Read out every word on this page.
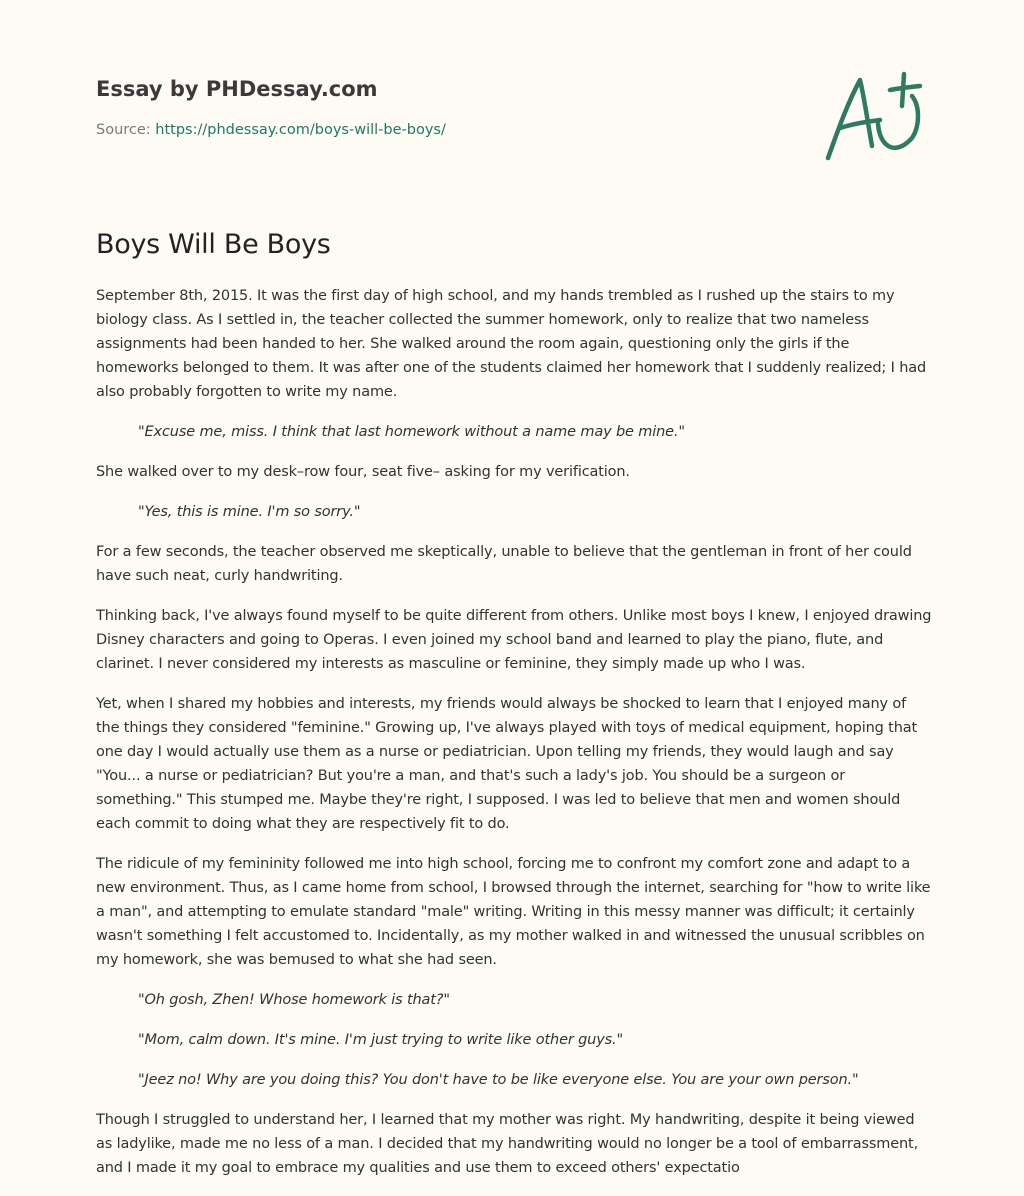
Essay by PHDessay.com
Source: https://phdessay.com/boys-will-be-boys/
Boys Will Be Boys

September 8th, 2015. It was the first day of high school, and my hands trembled as I rushed up the stairs to my biology class. As I settled in, the teacher collected the summer homework, only to realize that two nameless assignments had been handed to her. She walked around the room again, questioning only the girls if the homeworks belonged to them. It was after one of the students claimed her homework that I suddenly realized; I had also probably forgotten to write my name.

"Excuse me, miss. I think that last homework without a name may be mine."

She walked over to my desk–row four, seat five– asking for my verification.

"Yes, this is mine. I'm so sorry."

For a few seconds, the teacher observed me skeptically, unable to believe that the gentleman in front of her could have such neat, curly handwriting.

Thinking back, I've always found myself to be quite different from others. Unlike most boys I knew, I enjoyed drawing Disney characters and going to Operas. I even joined my school band and learned to play the piano, flute, and clarinet. I never considered my interests as masculine or feminine, they simply made up who I was.

Yet, when I shared my hobbies and interests, my friends would always be shocked to learn that I enjoyed many of the things they considered "feminine." Growing up, I've always played with toys of medical equipment, hoping that one day I would actually use them as a nurse or pediatrician. Upon telling my friends, they would laugh and say "You... a nurse or pediatrician? But you're a man, and that's such a lady's job. You should be a surgeon or something." This stumped me. Maybe they're right, I supposed. I was led to believe that men and women should each commit to doing what they are respectively fit to do.

The ridicule of my femininity followed me into high school, forcing me to confront my comfort zone and adapt to a new environment. Thus, as I came home from school, I browsed through the internet, searching for "how to write like a man", and attempting to emulate standard "male" writing. Writing in this messy manner was difficult; it certainly wasn't something I felt accustomed to. Incidentally, as my mother walked in and witnessed the unusual scribbles on my homework, she was bemused to what she had seen.

"Oh gosh, Zhen! Whose homework is that?"

"Mom, calm down. It's mine. I'm just trying to write like other guys."

"Jeez no! Why are you doing this? You don't have to be like everyone else. You are your own person."

Though I struggled to understand her, I learned that my mother was right. My handwriting, despite it being viewed as ladylike, made me no less of a man. I decided that my handwriting would no longer be a tool of embarrassment, and I made it my goal to embrace my qualities and use them to exceed others' expectatio
